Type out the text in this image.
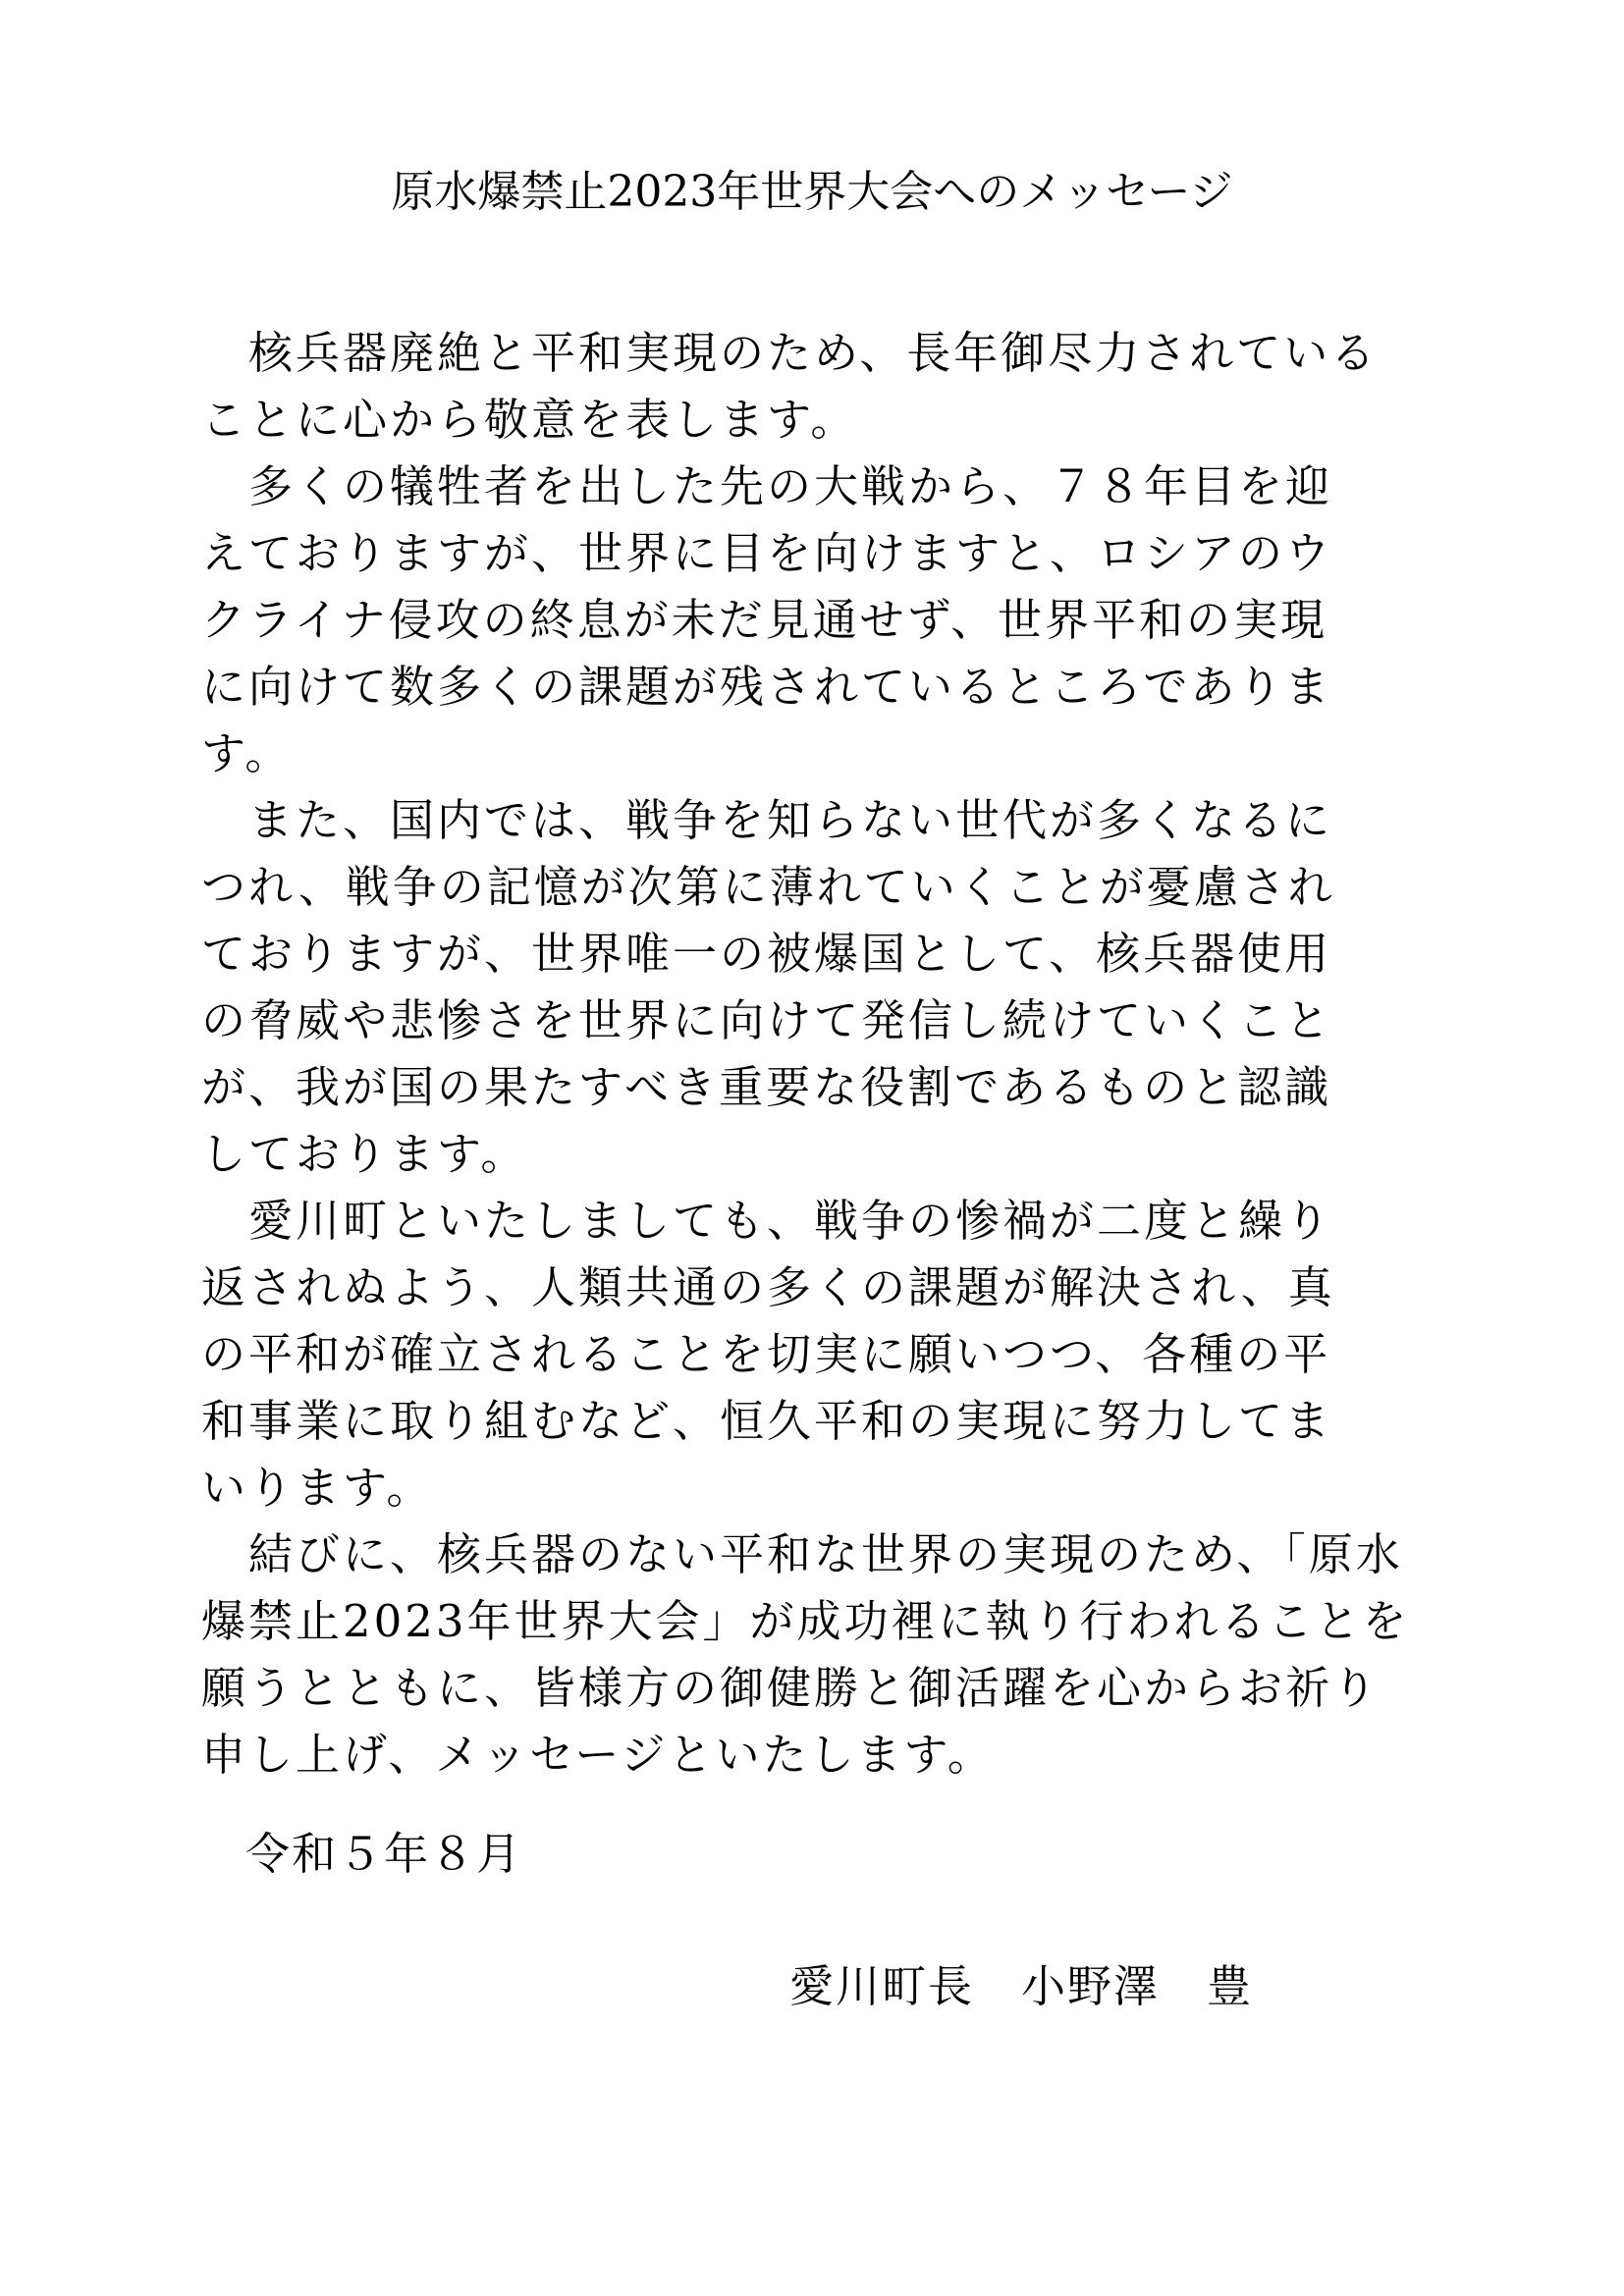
原水爆禁止2023年世界大会へのメッセージ
　核兵器廃絶と平和実現のため、長年御尽力されている
ことに心から敬意を表します。
　多くの犠牲者を出した先の大戦から、７８年目を迎
えておりますが、世界に目を向けますと、ロシアのウ
クライナ侵攻の終息が未だ見通せず、世界平和の実現
に向けて数多くの課題が残されているところでありま
す。
　また、国内では、戦争を知らない世代が多くなるに
つれ、戦争の記憶が次第に薄れていくことが憂慮され
ておりますが、世界唯一の被爆国として、核兵器使用
の脅威や悲惨さを世界に向けて発信し続けていくこと
が、我が国の果たすべき重要な役割であるものと認識
しております。
　愛川町といたしましても、戦争の惨禍が二度と繰り
返されぬよう、人類共通の多くの課題が解決され、真
の平和が確立されることを切実に願いつつ、各種の平
和事業に取り組むなど、恒久平和の実現に努力してま
いります。
　結びに、核兵器のない平和な世界の実現のため、「原水
爆禁止2023年世界大会」が成功裡に執り行われることを
願うとともに、皆様方の御健勝と御活躍を心からお祈り
申し上げ、メッセージといたします。
令和５年８月
愛川町長 小野澤 豊
